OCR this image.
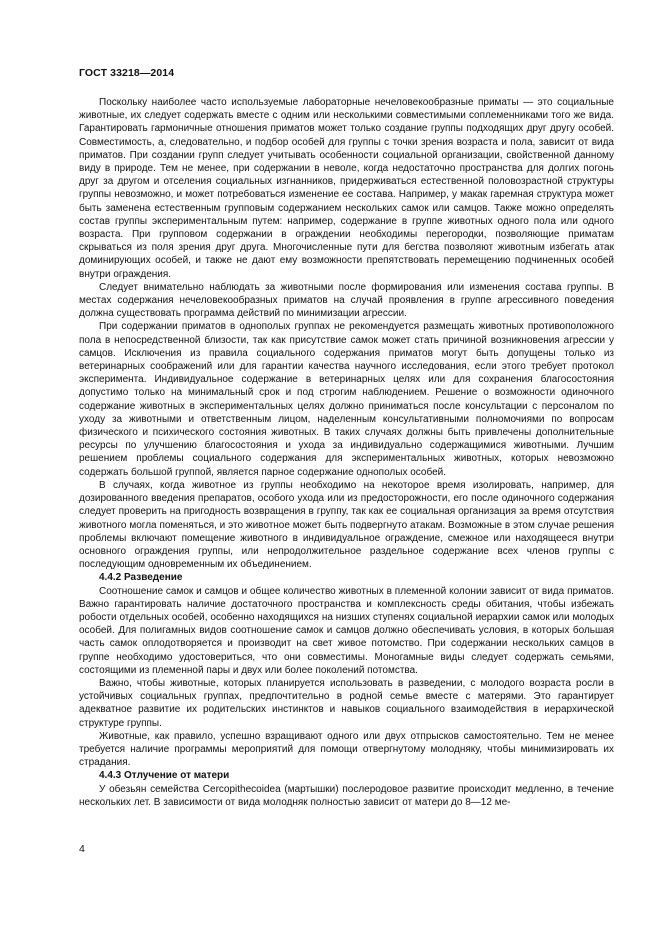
ГОСТ 33218—2014

Поскольку наиболее часто используемые лабораторные нечеловекообразные приматы — это социальные животные, их следует содержать вместе с одним или несколькими совместимыми соплеменниками того же вида. Гарантировать гармоничные отношения приматов может только создание группы подходящих друг другу особей. Совместимость, а, следовательно, и подбор особей для группы с точки зрения возраста и пола, зависит от вида приматов. При создании групп следует учитывать особенности социальной организации, свойственной данному виду в природе. Тем не менее, при содержании в неволе, когда недостаточно пространства для долгих погонь друг за другом и отселения социальных изгнанников, придерживаться естественной половозрастной структуры группы невозможно, и может потребоваться изменение ее состава. Например, у макак гаремная структура может быть заменена естественным групповым содержанием нескольких самок или самцов. Также можно определять состав группы экспериментальным путем: например, содержание в группе животных одного пола или одного возраста. При групповом содержании в ограждении необходимы перегородки, позволяющие приматам скрываться из поля зрения друг друга. Многочисленные пути для бегства позволяют животным избегать атак доминирующих особей, и также не дают ему возможности препятствовать перемещению подчиненных особей внутри ограждения.

Следует внимательно наблюдать за животными после формирования или изменения состава группы. В местах содержания нечеловекообразных приматов на случай проявления в группе агрессивного поведения должна существовать программа действий по минимизации агрессии.

При содержании приматов в однополых группах не рекомендуется размещать животных противоположного пола в непосредственной близости, так как присутствие самок может стать причиной возникновения агрессии у самцов. Исключения из правила социального содержания приматов могут быть допущены только из ветеринарных соображений или для гарантии качества научного исследования, если этого требует протокол эксперимента. Индивидуальное содержание в ветеринарных целях или для сохранения благосостояния допустимо только на минимальный срок и под строгим наблюдением. Решение о возможности одиночного содержание животных в экспериментальных целях должно приниматься после консультации с персоналом по уходу за животными и ответственным лицом, наделенным консультативными полномочиями по вопросам физического и психического состояния животных. В таких случаях должны быть привлечены дополнительные ресурсы по улучшению благосостояния и ухода за индивидуально содержащимися животными. Лучшим решением проблемы социального содержания для экспериментальных животных, которых невозможно содержать большой группой, является парное содержание однополых особей.

В случаях, когда животное из группы необходимо на некоторое время изолировать, например, для дозированного введения препаратов, особого ухода или из предосторожности, его после одиночного содержания следует проверить на пригодность возвращения в группу, так как ее социальная организация за время отсутствия животного могла поменяться, и это животное может быть подвергнуто атакам. Возможные в этом случае решения проблемы включают помещение животного в индивидуальное ограждение, смежное или находящееся внутри основного ограждения группы, или непродолжительное раздельное содержание всех членов группы с последующим одновременным их объединением.

4.4.2 Разведение

Соотношение самок и самцов и общее количество животных в племенной колонии зависит от вида приматов. Важно гарантировать наличие достаточного пространства и комплексность среды обитания, чтобы избежать робости отдельных особей, особенно находящихся на низших ступенях социальной иерархии самок или молодых особей. Для полигамных видов соотношение самок и самцов должно обеспечивать условия, в которых большая часть самок оплодотворяется и производит на свет живое потомство. При содержании нескольких самцов в группе необходимо удостовериться, что они совместимы. Моногамные виды следует содержать семьями, состоящими из племенной пары и двух или более поколений потомства.

Важно, чтобы животные, которых планируется использовать в разведении, с молодого возраста росли в устойчивых социальных группах, предпочтительно в родной семье вместе с матерями. Это гарантирует адекватное развитие их родительских инстинктов и навыков социального взаимодействия в иерархической структуре группы.

Животные, как правило, успешно взращивают одного или двух отпрысков самостоятельно. Тем не менее требуется наличие программы мероприятий для помощи отвергнутому молодняку, чтобы минимизировать их страдания.

4.4.3 Отлучение от матери

У обезьян семейства Cercopithecoidea (мартышки) послеродовое развитие происходит медленно, в течение нескольких лет. В зависимости от вида молодняк полностью зависит от матери до 8—12 ме-

4
